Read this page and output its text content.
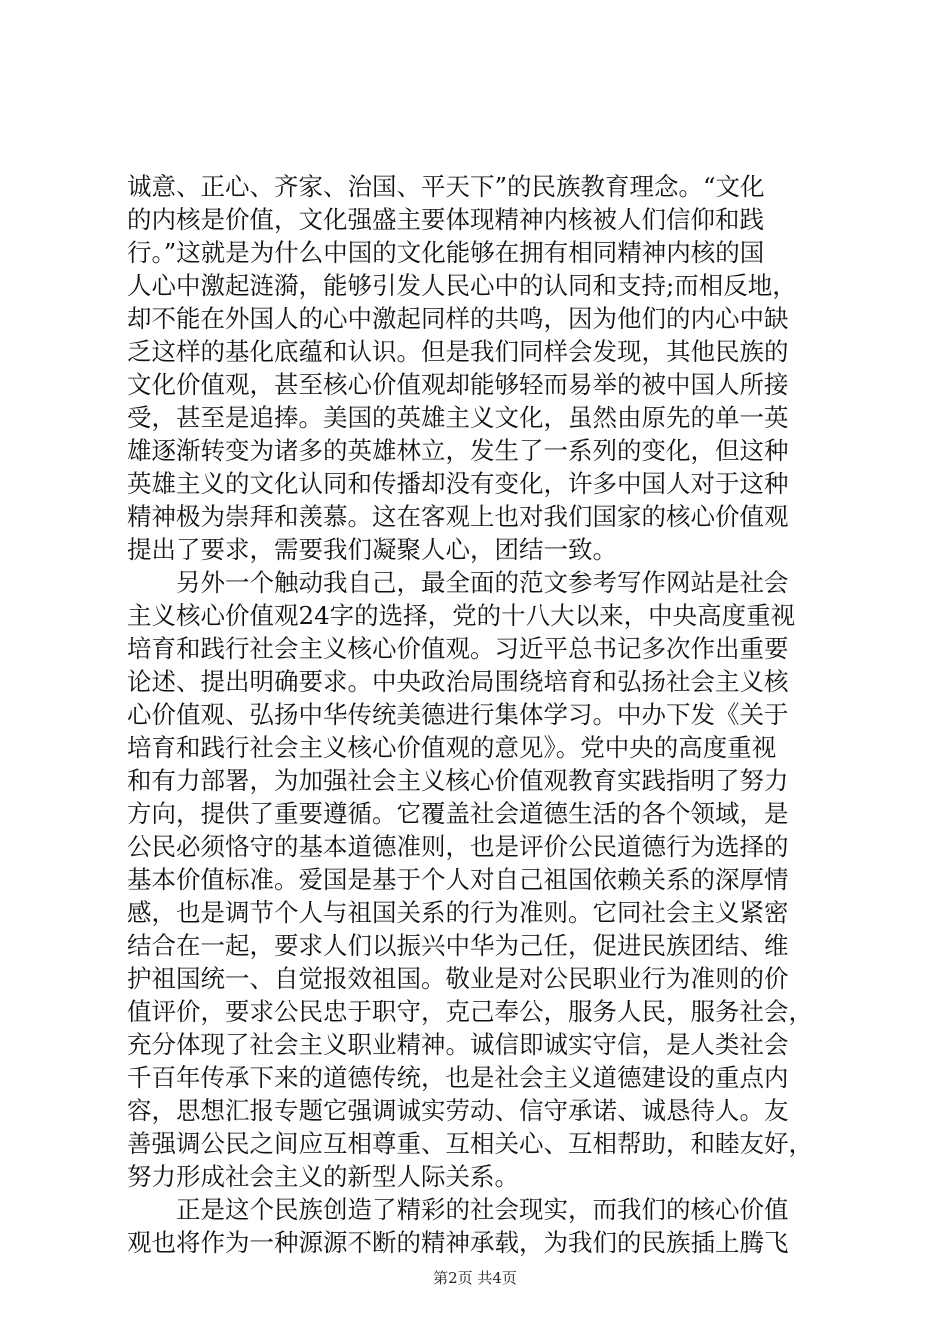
诚意、正心、齐家、治国、平天下”的民族教育理念。“文化
的内核是价值，文化强盛主要体现精神内核被人们信仰和践
行。”这就是为什么中国的文化能够在拥有相同精神内核的国
人心中激起涟漪，能够引发人民心中的认同和支持;而相反地，
却不能在外国人的心中激起同样的共鸣，因为他们的内心中缺
乏这样的基化底蕴和认识。但是我们同样会发现，其他民族的
文化价值观，甚至核心价值观却能够轻而易举的被中国人所接
受，甚至是追捧。美国的英雄主义文化，虽然由原先的单一英
雄逐渐转变为诸多的英雄林立，发生了一系列的变化，但这种
英雄主义的文化认同和传播却没有变化，许多中国人对于这种
精神极为崇拜和羡慕。这在客观上也对我们国家的核心价值观
提出了要求，需要我们凝聚人心，团结一致。
　　另外一个触动我自己，最全面的范文参考写作网站是社会
主义核心价值观24字的选择，党的十八大以来，中央高度重视
培育和践行社会主义核心价值观。习近平总书记多次作出重要
论述、提出明确要求。中央政治局围绕培育和弘扬社会主义核
心价值观、弘扬中华传统美德进行集体学习。中办下发《关于
培育和践行社会主义核心价值观的意见》。党中央的高度重视
和有力部署，为加强社会主义核心价值观教育实践指明了努力
方向，提供了重要遵循。它覆盖社会道德生活的各个领域，是
公民必须恪守的基本道德准则，也是评价公民道德行为选择的
基本价值标准。爱国是基于个人对自己祖国依赖关系的深厚情
感，也是调节个人与祖国关系的行为准则。它同社会主义紧密
结合在一起，要求人们以振兴中华为己任，促进民族团结、维
护祖国统一、自觉报效祖国。敬业是对公民职业行为准则的价
值评价，要求公民忠于职守，克己奉公，服务人民，服务社会，
充分体现了社会主义职业精神。诚信即诚实守信，是人类社会
千百年传承下来的道德传统，也是社会主义道德建设的重点内
容，思想汇报专题它强调诚实劳动、信守承诺、诚恳待人。友
善强调公民之间应互相尊重、互相关心、互相帮助，和睦友好，
努力形成社会主义的新型人际关系。
　　正是这个民族创造了精彩的社会现实，而我们的核心价值
观也将作为一种源源不断的精神承载，为我们的民族插上腾飞
第2页 共4页
